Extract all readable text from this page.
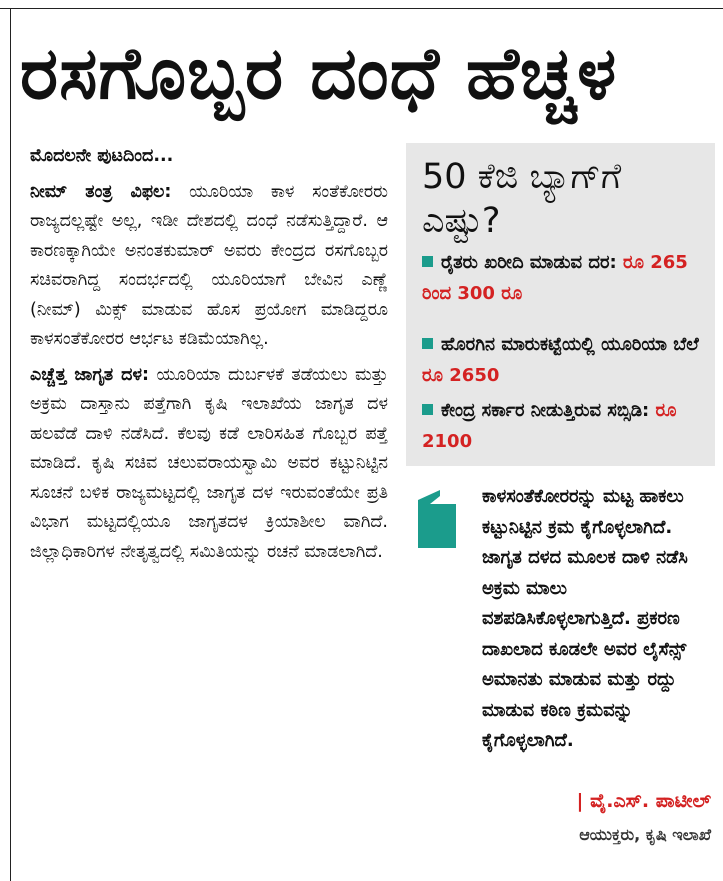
ರಸಗೊಬ್ಬರ ದಂಧೆ ಹೆಚ್ಚಳ

ಮೊದಲನೇ ಪುಟದಿಂದ...

ನೀಮ್ ತಂತ್ರ ವಿಫಲ: ಯೂರಿಯಾ ಕಾಳ ಸಂತೆಕೋರರು ರಾಜ್ಯದಲ್ಲಷ್ಟೇ ಅಲ್ಲ, ಇಡೀ ದೇಶದಲ್ಲಿ ದಂಧೆ ನಡೆಸುತ್ತಿದ್ದಾರೆ. ಆ ಕಾರಣಕ್ಕಾಗಿಯೇ ಅನಂತಕುಮಾರ್ ಅವರು ಕೇಂದ್ರದ ರಸಗೊಬ್ಬರ ಸಚಿವರಾಗಿದ್ದ ಸಂದರ್ಭದಲ್ಲಿ ಯೂರಿಯಾಗೆ ಬೇವಿನ ಎಣ್ಣೆ (ನೀಮ್) ಮಿಕ್ಸ್ ಮಾಡುವ ಹೊಸ ಪ್ರಯೋಗ ಮಾಡಿದ್ದರೂ ಕಾಳಸಂತೆಕೋರರ ಆರ್ಭಟ ಕಡಿಮೆಯಾಗಿಲ್ಲ.

ಎಚ್ಚೆತ್ತ ಜಾಗೃತ ದಳ: ಯೂರಿಯಾ ದುರ್ಬಳಕೆ ತಡೆಯಲು ಮತ್ತು ಅಕ್ರಮ ದಾಸ್ತಾನು ಪತ್ತೆಗಾಗಿ ಕೃಷಿ ಇಲಾಖೆಯ ಜಾಗೃತ ದಳ ಹಲವೆಡೆ ದಾಳಿ ನಡೆಸಿದೆ. ಕೆಲವು ಕಡೆ ಲಾರಿಸಹಿತ ಗೊಬ್ಬರ ಪತ್ತೆ ಮಾಡಿದೆ. ಕೃಷಿ ಸಚಿವ ಚಲುವರಾಯಸ್ವಾಮಿ ಅವರ ಕಟ್ಟುನಿಟ್ಟಿನ ಸೂಚನೆ ಬಳಿಕ ರಾಜ್ಯಮಟ್ಟದಲ್ಲಿ ಜಾಗೃತ ದಳ ಇರುವಂತೆಯೇ ಪ್ರತಿ ವಿಭಾಗ ಮಟ್ಟದಲ್ಲಿಯೂ ಜಾಗೃತದಳ ಕ್ರಿಯಾಶೀಲ ವಾಗಿದೆ. ಜಿಲ್ಲಾಧಿಕಾರಿಗಳ ನೇತೃತ್ವದಲ್ಲಿ ಸಮಿತಿಯನ್ನು ರಚನೆ ಮಾಡಲಾಗಿದೆ.

50 ಕೆಜಿ ಬ್ಯಾಗ್‌ಗೆ ಎಷ್ಟು?
ರೈತರು ಖರೀದಿ ಮಾಡುವ ದರ: ರೂ 265 ರಿಂದ 300 ರೂ
ಹೊರಗಿನ ಮಾರುಕಟ್ಟೆಯಲ್ಲಿ ಯೂರಿಯಾ ಬೆಲೆ ರೂ 2650
ಕೇಂದ್ರ ಸರ್ಕಾರ ನೀಡುತ್ತಿರುವ ಸಬ್ಸಿಡಿ: ರೂ 2100
ಕಾಳಸಂತೆಕೋರರನ್ನು ಮಟ್ಟ ಹಾಕಲು ಕಟ್ಟುನಿಟ್ಟಿನ ಕ್ರಮ ಕೈಗೊಳ್ಳಲಾಗಿದೆ. ಜಾಗೃತ ದಳದ ಮೂಲಕ ದಾಳಿ ನಡೆಸಿ ಅಕ್ರಮ ಮಾಲು ವಶಪಡಿಸಿಕೊಳ್ಳಲಾಗುತ್ತಿದೆ. ಪ್ರಕರಣ ದಾಖಲಾದ ಕೂಡಲೇ ಅವರ ಲೈಸೆನ್ಸ್ ಅಮಾನತು ಮಾಡುವ ಮತ್ತು ರದ್ದು ಮಾಡುವ ಕಠಿಣ ಕ್ರಮವನ್ನು ಕೈಗೊಳ್ಳಲಾಗಿದೆ.
| ವೈ.ಎಸ್. ಪಾಟೀಲ್
ಆಯುಕ್ತರು, ಕೃಷಿ ಇಲಾಖೆ
